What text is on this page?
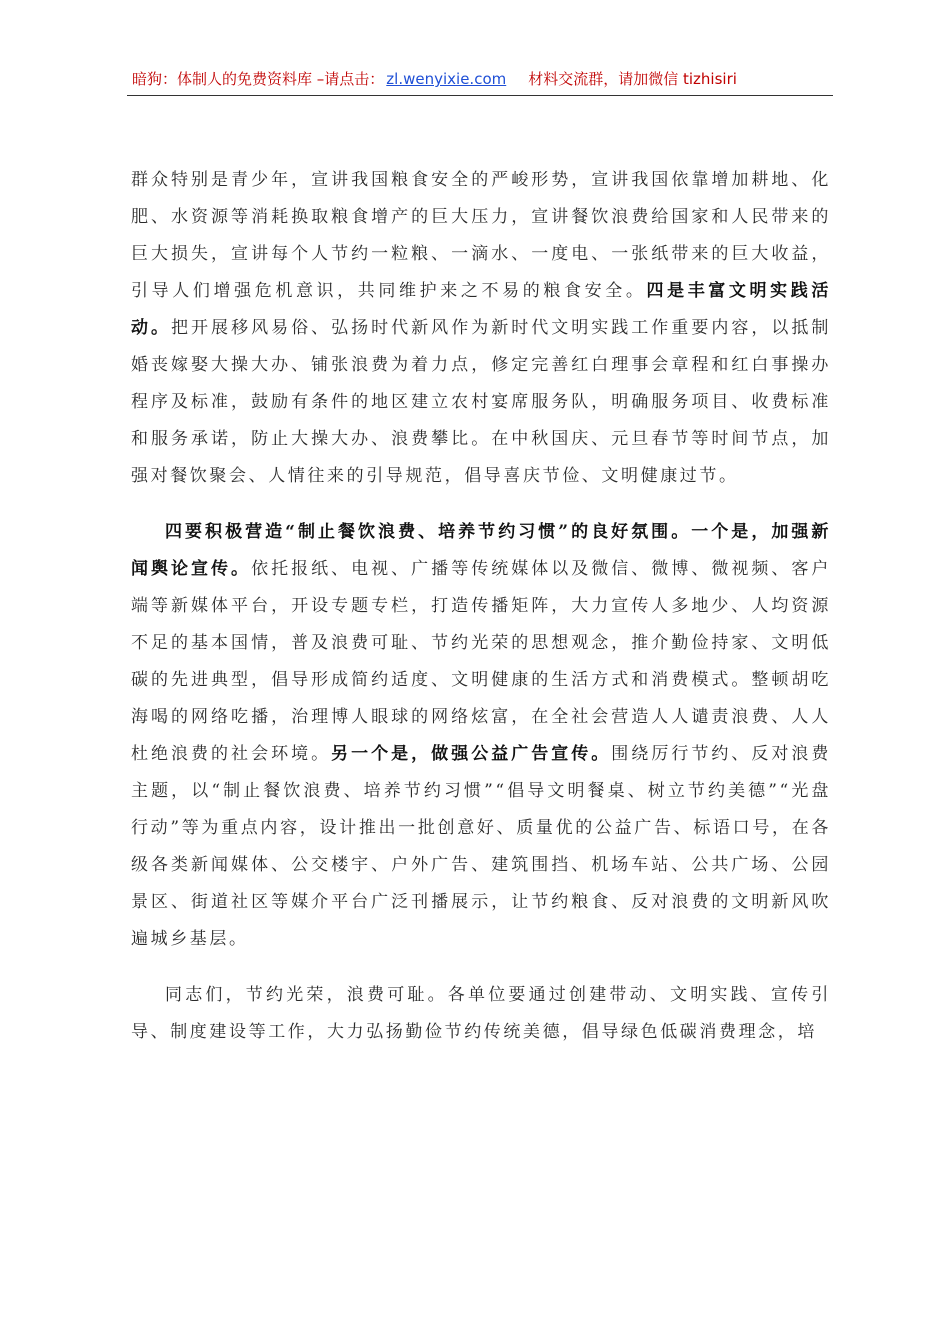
暗狗：体制人的免费资料库 –请点击： zl.wenyixie.com 材料交流群，请加微信 tizhisiri

群众特别是青少年，宣讲我国粮食安全的严峻形势，宣讲我国依靠增加耕地、化肥、水资源等消耗换取粮食增产的巨大压力，宣讲餐饮浪费给国家和人民带来的巨大损失，宣讲每个人节约一粒粮、一滴水、一度电、一张纸带来的巨大收益，引导人们增强危机意识，共同维护来之不易的粮食安全。四是丰富文明实践活动。把开展移风易俗、弘扬时代新风作为新时代文明实践工作重要内容，以抵制婚丧嫁娶大操大办、铺张浪费为着力点，修定完善红白理事会章程和红白事操办程序及标准，鼓励有条件的地区建立农村宴席服务队，明确服务项目、收费标准和服务承诺，防止大操大办、浪费攀比。在中秋国庆、元旦春节等时间节点，加强对餐饮聚会、人情往来的引导规范，倡导喜庆节俭、文明健康过节。

四要积极营造“制止餐饮浪费、培养节约习惯”的良好氛围。一个是，加强新闻舆论宣传。依托报纸、电视、广播等传统媒体以及微信、微博、微视频、客户端等新媒体平台，开设专题专栏，打造传播矩阵，大力宣传人多地少、人均资源不足的基本国情，普及浪费可耻、节约光荣的思想观念，推介勤俭持家、文明低碳的先进典型，倡导形成简约适度、文明健康的生活方式和消费模式。整顿胡吃海喝的网络吃播，治理博人眼球的网络炫富，在全社会营造人人谴责浪费、人人杜绝浪费的社会环境。另一个是，做强公益广告宣传。围绕厉行节约、反对浪费主题，以“制止餐饮浪费、培养节约习惯”“倡导文明餐桌、树立节约美德”“光盘行动”等为重点内容，设计推出一批创意好、质量优的公益广告、标语口号，在各级各类新闻媒体、公交楼宇、户外广告、建筑围挡、机场车站、公共广场、公园景区、街道社区等媒介平台广泛刊播展示，让节约粮食、反对浪费的文明新风吹遍城乡基层。

同志们，节约光荣，浪费可耻。各单位要通过创建带动、文明实践、宣传引导、制度建设等工作，大力弘扬勤俭节约传统美德，倡导绿色低碳消费理念，培
